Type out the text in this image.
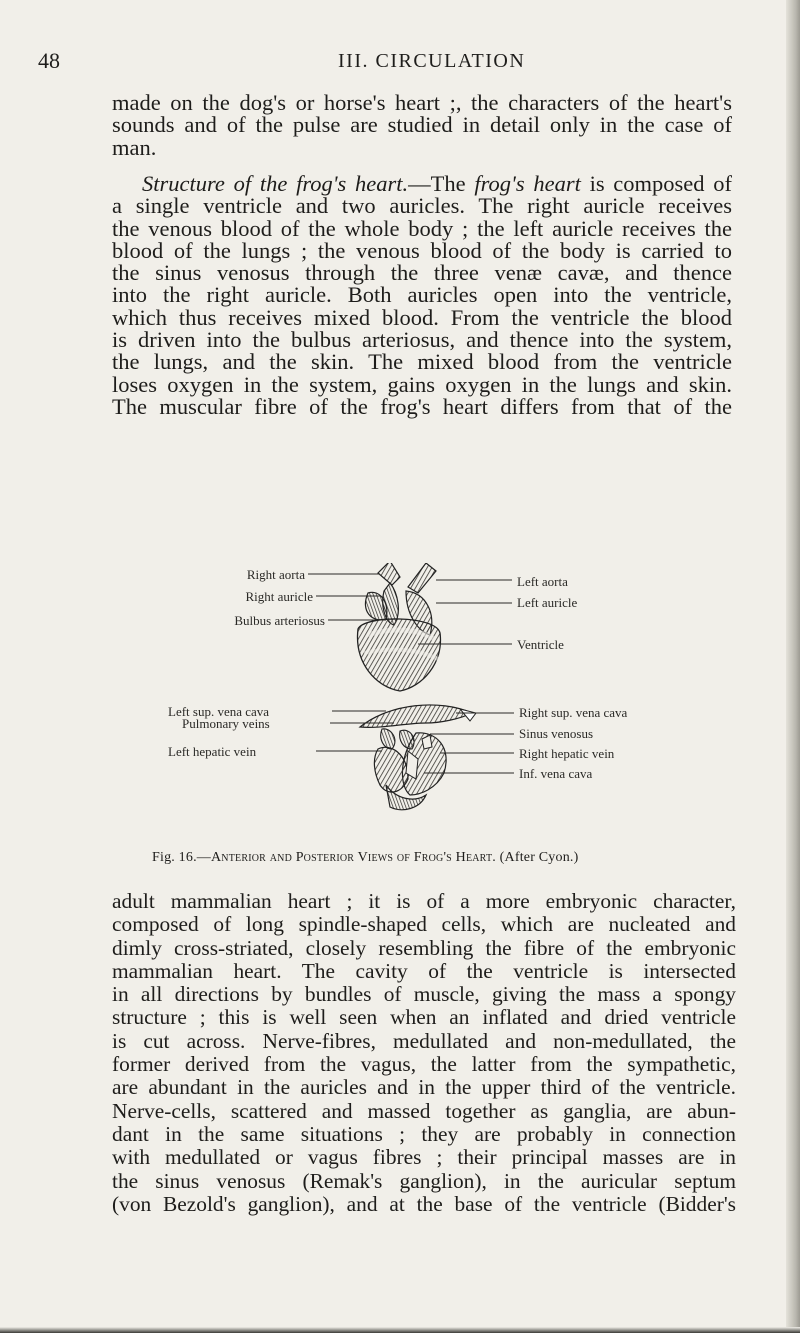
48	III. CIRCULATION
made on the dog's or horse's heart ;, the characters of the heart's
sounds and of the pulse are studied in detail only in the case of
man.
Structure of the frog's heart.—The frog's heart is composed of
a single ventricle and two auricles. The right auricle receives
the venous blood of the whole body ; the left auricle receives the
blood of the lungs ; the venous blood of the body is carried to
the sinus venosus through the three venæ cavæ, and thence
into the right auricle. Both auricles open into the ventricle,
which thus receives mixed blood. From the ventricle the blood
is driven into the bulbus arteriosus, and thence into the system,
the lungs, and the skin. The mixed blood from the ventricle
loses oxygen in the system, gains oxygen in the lungs and skin.
The muscular fibre of the frog's heart differs from that of the
Right aorta
Right auricle
Bulbus arteriosus
Left aorta
Left auricle
Ventricle
Left sup. vena cava
Pulmonary veins
Left hepatic vein
Right sup. vena cava
Sinus venosus
Right hepatic vein
Inf. vena cava
Fig. 16.—Anterior and Posterior Views of Frog's Heart. (After Cyon.)
adult mammalian heart ; it is of a more embryonic character,
composed of long spindle-shaped cells, which are nucleated and
dimly cross-striated, closely resembling the fibre of the embryonic
mammalian heart. The cavity of the ventricle is intersected
in all directions by bundles of muscle, giving the mass a spongy
structure ; this is well seen when an inflated and dried ventricle
is cut across. Nerve-fibres, medullated and non-medullated, the
former derived from the vagus, the latter from the sympathetic,
are abundant in the auricles and in the upper third of the ventricle.
Nerve-cells, scattered and massed together as ganglia, are abun-
dant in the same situations ; they are probably in connection
with medullated or vagus fibres ; their principal masses are in
the sinus venosus (Remak's ganglion), in the auricular septum
(von Bezold's ganglion), and at the base of the ventricle (Bidder's
